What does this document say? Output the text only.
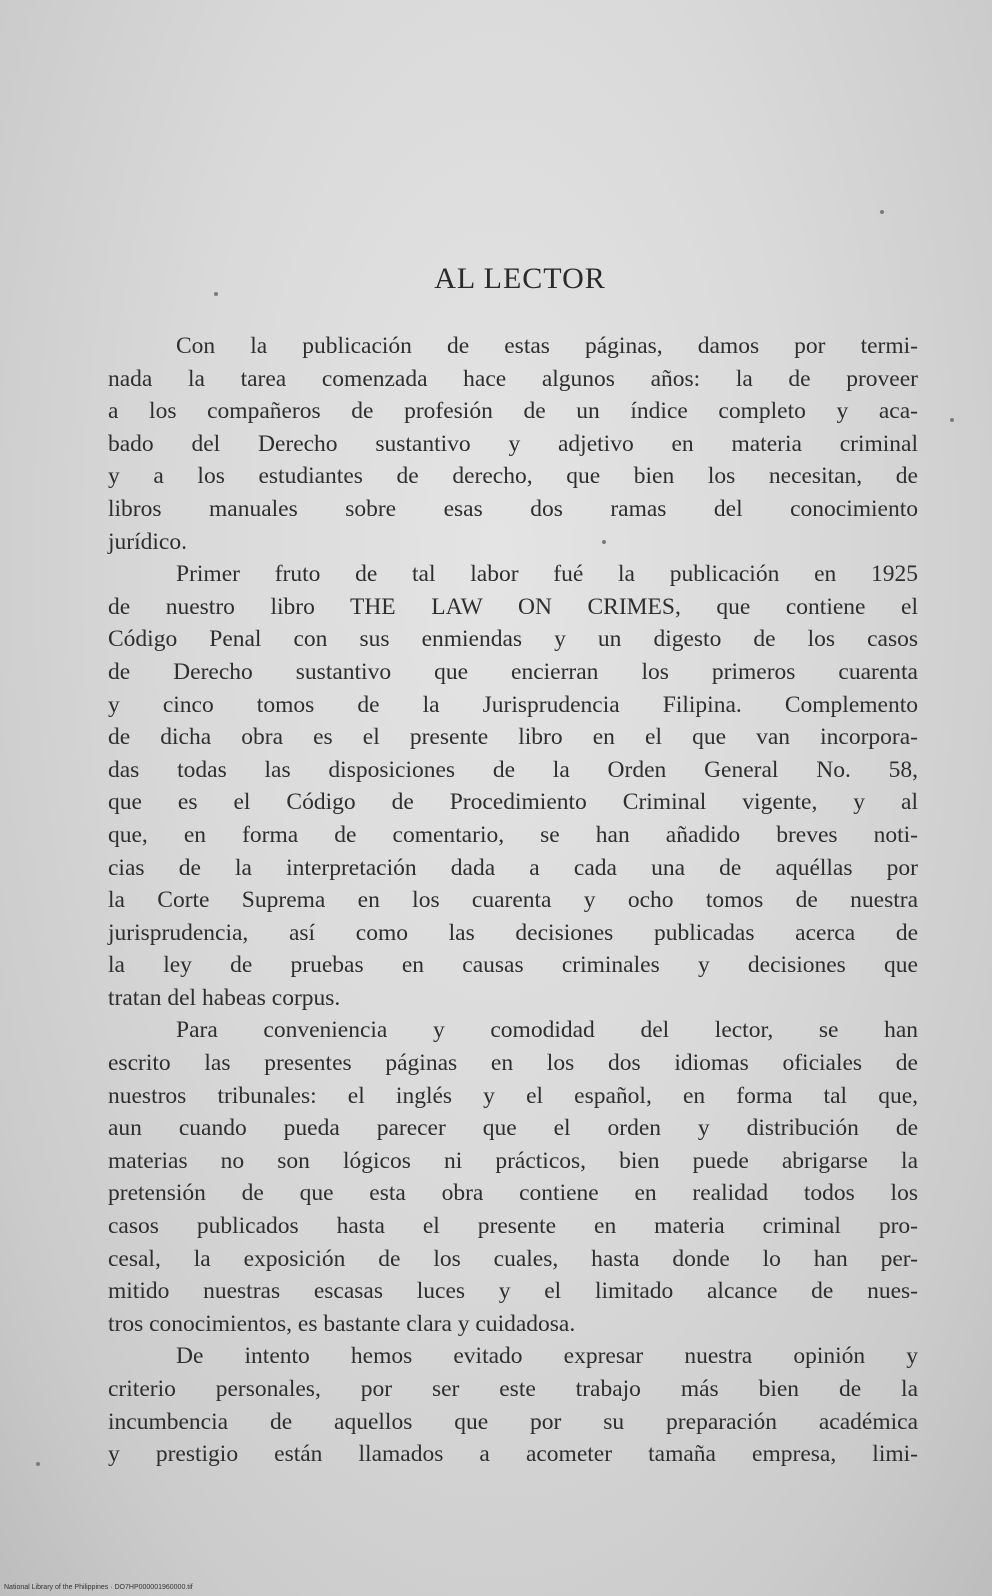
AL LECTOR
Con la publicación de estas páginas, damos por termi-
nada la tarea comenzada hace algunos años: la de proveer
a los compañeros de profesión de un índice completo y aca-
bado del Derecho sustantivo y adjetivo en materia criminal
y a los estudiantes de derecho, que bien los necesitan, de
libros manuales sobre esas dos ramas del conocimiento
jurídico.
Primer fruto de tal labor fué la publicación en 1925
de nuestro libro THE LAW ON CRIMES, que contiene el
Código Penal con sus enmiendas y un digesto de los casos
de Derecho sustantivo que encierran los primeros cuarenta
y cinco tomos de la Jurisprudencia Filipina. Complemento
de dicha obra es el presente libro en el que van incorpora-
das todas las disposiciones de la Orden General No. 58,
que es el Código de Procedimiento Criminal vigente, y al
que, en forma de comentario, se han añadido breves noti-
cias de la interpretación dada a cada una de aquéllas por
la Corte Suprema en los cuarenta y ocho tomos de nuestra
jurisprudencia, así como las decisiones publicadas acerca de
la ley de pruebas en causas criminales y decisiones que
tratan del habeas corpus.
Para conveniencia y comodidad del lector, se han
escrito las presentes páginas en los dos idiomas oficiales de
nuestros tribunales: el inglés y el español, en forma tal que,
aun cuando pueda parecer que el orden y distribución de
materias no son lógicos ni prácticos, bien puede abrigarse la
pretensión de que esta obra contiene en realidad todos los
casos publicados hasta el presente en materia criminal pro-
cesal, la exposición de los cuales, hasta donde lo han per-
mitido nuestras escasas luces y el limitado alcance de nues-
tros conocimientos, es bastante clara y cuidadosa.
De intento hemos evitado expresar nuestra opinión y
criterio personales, por ser este trabajo más bien de la
incumbencia de aquellos que por su preparación académica
y prestigio están llamados a acometer tamaña empresa, limi-
National Library of the Philippines · DO7HP000001960000.tif
